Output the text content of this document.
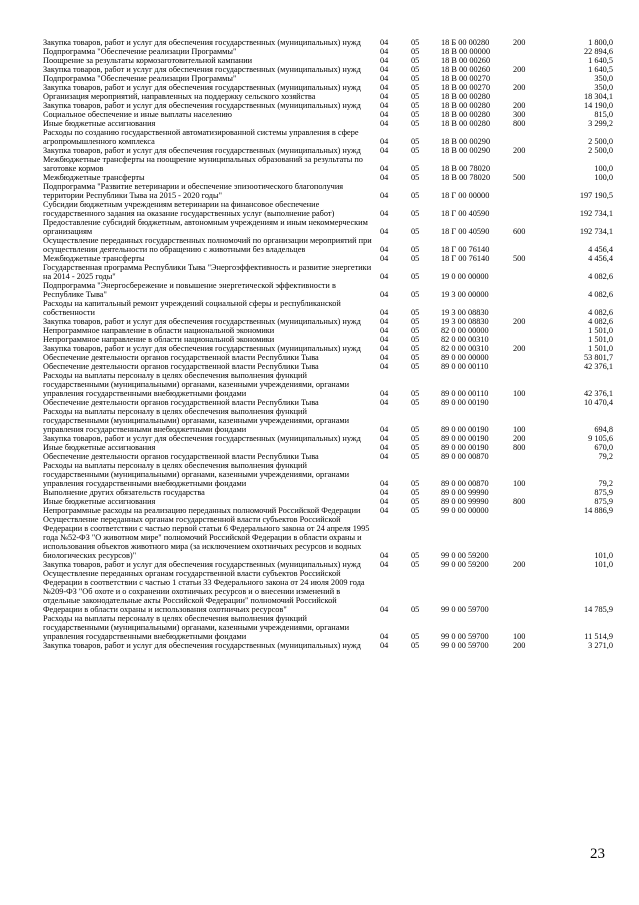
Закупка товаров, работ и услуг для обеспечения государственных (муниципальных) нужд	04	05	18 Б 00 00280	200	1 800,0
Подпрограмма "Обеспечение реализации Программы"	04	05	18 В 00 00000		22 894,6
Поощрение за результаты кормозаготовительной кампании	04	05	18 В 00 00260		1 640,5
Закупка товаров, работ и услуг для обеспечения государственных (муниципальных) нужд	04	05	18 В 00 00260	200	1 640,5
Подпрограмма "Обеспечение реализации Программы"	04	05	18 В 00 00270		350,0
Закупка товаров, работ и услуг для обеспечения государственных (муниципальных) нужд	04	05	18 В 00 00270	200	350,0
Организация мероприятий, направленных на поддержку сельского хозяйства	04	05	18 В 00 00280		18 304,1
Закупка товаров, работ и услуг для обеспечения государственных (муниципальных) нужд	04	05	18 В 00 00280	200	14 190,0
Социальное обеспечение и иные выплаты населению	04	05	18 В 00 00280	300	815,0
Иные бюджетные ассигнования	04	05	18 В 00 00280	800	3 299,2
Расходы по созданию государственной автоматизированной системы управления в сфере агропромышленного комплекса	04	05	18 В 00 00290		2 500,0
Закупка товаров, работ и услуг для обеспечения государственных (муниципальных) нужд	04	05	18 В 00 00290	200	2 500,0
Межбюджетные трансферты на поощрение муниципальных образований за результаты по заготовке кормов	04	05	18 В 00 78020		100,0
Межбюджетные трансферты	04	05	18 В 00 78020	500	100,0
Подпрограмма "Развитие ветеринарии и обеспечение эпизоотического благополучия территории Республики Тыва на 2015 - 2020 годы"	04	05	18 Г 00 00000		197 190,5
Субсидии бюджетным учреждениям ветеринарии на финансовое обеспечение государственного задания на оказание государственных услуг (выполнение работ)	04	05	18 Г 00 40590		192 734,1
Предоставление субсидий бюджетным, автономным учреждениям и иным некоммерческим организациям	04	05	18 Г 00 40590	600	192 734,1
Осуществление переданных государственных полномочий по организации мероприятий при осуществлении деятельности по обращению с животными без владельцев	04	05	18 Г 00 76140		4 456,4
Межбюджетные трансферты	04	05	18 Г 00 76140	500	4 456,4
Государственная программа Республики Тыва "Энергоэффективность и развитие энергетики на 2014 - 2025 годы"	04	05	19 0 00 00000		4 082,6
Подпрограмма "Энергосбережение и повышение энергетической эффективности в Республике Тыва"	04	05	19 3 00 00000		4 082,6
Расходы на капитальный ремонт учреждений социальной сферы и республиканской собственности	04	05	19 3 00 08830		4 082,6
Закупка товаров, работ и услуг для обеспечения государственных (муниципальных) нужд	04	05	19 3 00 08830	200	4 082,6
Непрограммное направление в области национальной экономики	04	05	82 0 00 00000		1 501,0
Непрограммное направление в области национальной экономики	04	05	82 0 00 00310		1 501,0
Закупка товаров, работ и услуг для обеспечения государственных (муниципальных) нужд	04	05	82 0 00 00310	200	1 501,0
Обеспечение деятельности органов государственной власти Республики Тыва	04	05	89 0 00 00000		53 801,7
Обеспечение деятельности органов государственной власти Республики Тыва	04	05	89 0 00 00110		42 376,1
Расходы на выплаты персоналу в целях обеспечения выполнения функций государственными (муниципальными) органами, казенными учреждениями, органами управления государственными внебюджетными фондами	04	05	89 0 00 00110	100	42 376,1
Обеспечение деятельности органов государственной власти Республики Тыва	04	05	89 0 00 00190		10 470,4
Расходы на выплаты персоналу в целях обеспечения выполнения функций государственными (муниципальными) органами, казенными учреждениями, органами управления государственными внебюджетными фондами	04	05	89 0 00 00190	100	694,8
Закупка товаров, работ и услуг для обеспечения государственных (муниципальных) нужд	04	05	89 0 00 00190	200	9 105,6
Иные бюджетные ассигнования	04	05	89 0 00 00190	800	670,0
Обеспечение деятельности органов государственной власти Республики Тыва	04	05	89 0 00 00870		79,2
Расходы на выплаты персоналу в целях обеспечения выполнения функций государственными (муниципальными) органами, казенными учреждениями, органами управления государственными внебюджетными фондами	04	05	89 0 00 00870	100	79,2
Выполнение других обязательств государства	04	05	89 0 00 99990		875,9
Иные бюджетные ассигнования	04	05	89 0 00 99990	800	875,9
Непрограммные расходы на реализацию переданных полномочий Российской Федерации	04	05	99 0 00 00000		14 886,9
Осуществление переданных органам государственной власти субъектов Российской Федерации в соответствии с частью первой статьи 6 Федерального закона от 24 апреля 1995 года №52-ФЗ "О животном мире" полномочий Российской Федерации в области охраны и использования объектов животного мира (за исключением охотничьих ресурсов и водных биологических ресурсов)"	04	05	99 0 00 59200		101,0
Закупка товаров, работ и услуг для обеспечения государственных (муниципальных) нужд	04	05	99 0 00 59200	200	101,0
Осуществление переданных органам государственной власти субъектов Российской Федерации в соответствии с частью 1 статьи 33 Федерального закона от 24 июля 2009 года №209-ФЗ "Об охоте и о сохранении охотничьих ресурсов и о внесении изменений в отдельные законодательные акты Российской Федерации" полномочий Российской Федерации в области охраны и использования охотничьих ресурсов"	04	05	99 0 00 59700		14 785,9
Расходы на выплаты персоналу в целях обеспечения выполнения функций государственными (муниципальными) органами, казенными учреждениями, органами управления государственными внебюджетными фондами	04	05	99 0 00 59700	100	11 514,9
Закупка товаров, работ и услуг для обеспечения государственных (муниципальных) нужд	04	05	99 0 00 59700	200	3 271,0
23
